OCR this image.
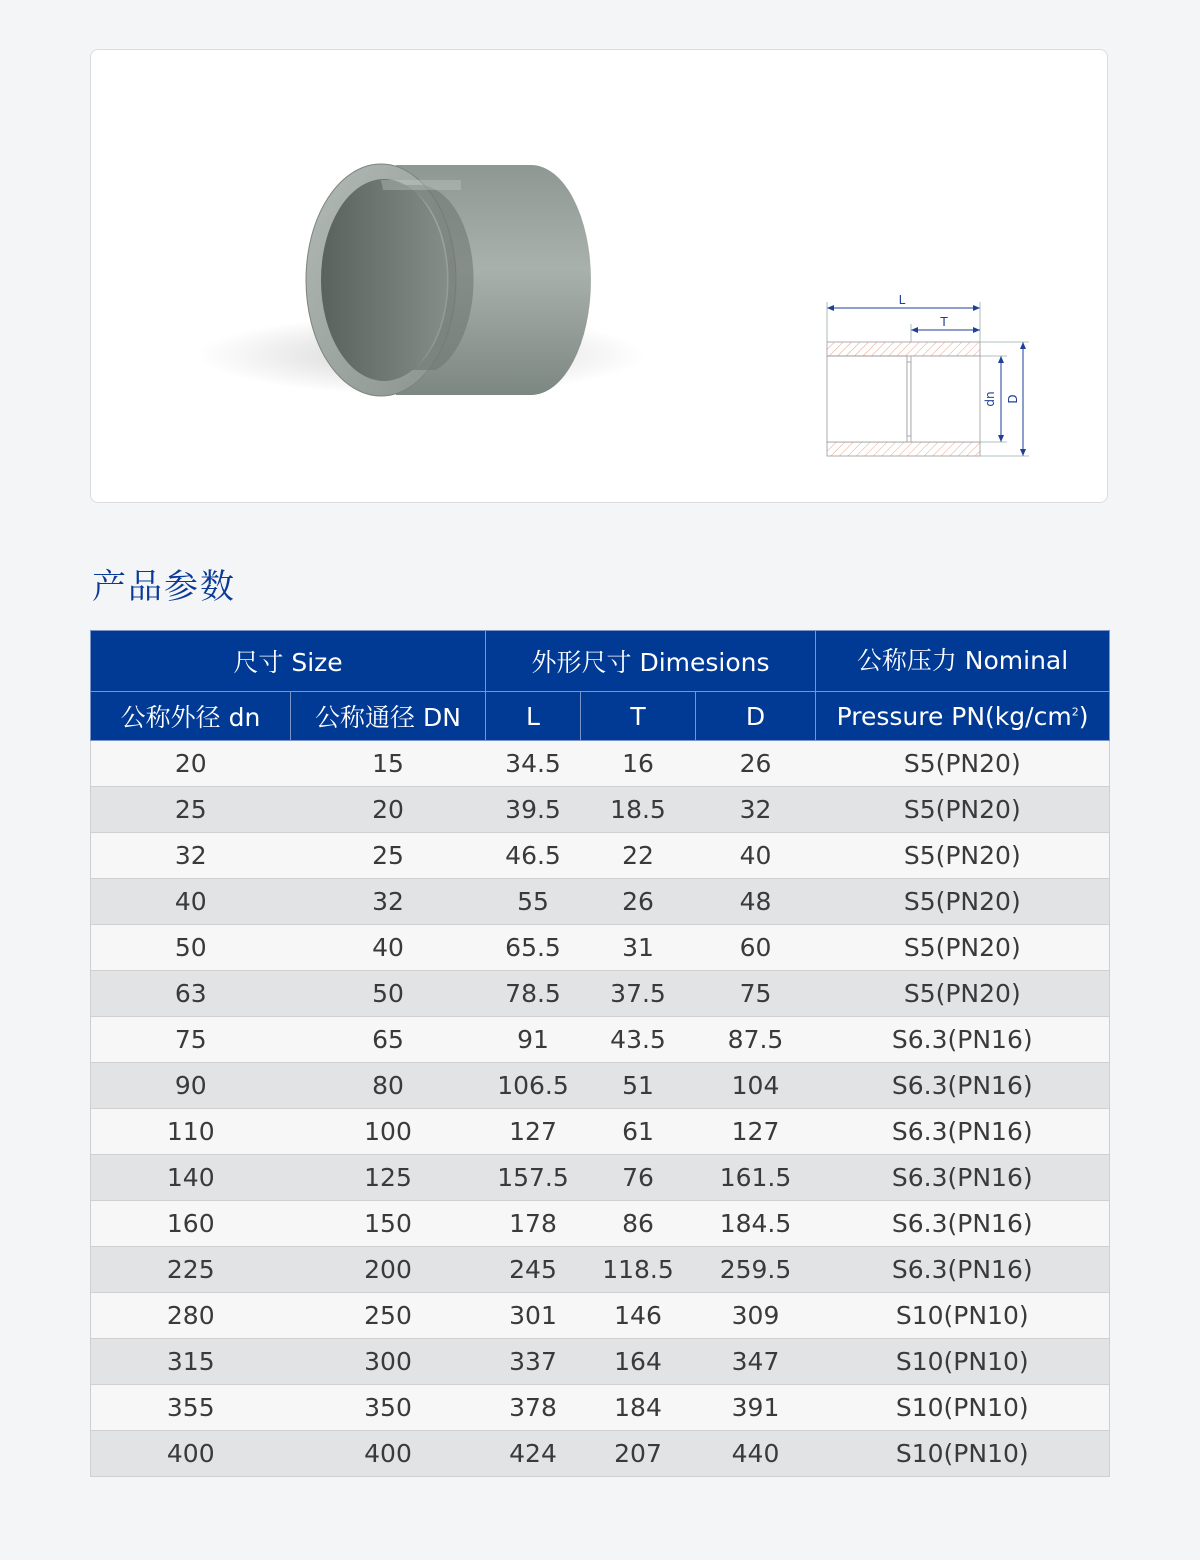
L
T
dn D
产品参数
尺寸 Size		外形尺寸 Dimesions			公称压力 Nominal
公称外径 dn	公称通径 DN	L	T	D	Pressure $PN(kg/cm^2)$
20	15	34.5	16	26	S5(PN20)
25	20	39.5	18.5	32	S5(PN20)
32	25	46.5	22	40	S5(PN20)
40	32	55	26	48	S5(PN20)
50	40	65.5	31	60	S5(PN20)
63	50	78.5	37.5	75	S5(PN20)
75	65	91	43.5	87.5	S6.3(PN16)
90	80	106.5	51	104	S6.3(PN16)
110	100	127	61	127	S6.3(PN16)
140	125	157.5	76	161.5	S6.3(PN16)
160	150	178	86	184.5	S6.3(PN16)
225	200	245	118.5	259.5	S6.3(PN16)
280	250	301	146	309	S10(PN10)
315	300	337	164	347	S10(PN10)
355	350	378	184	391	S10(PN10)
400	400	424	207	440	S10(PN10)
